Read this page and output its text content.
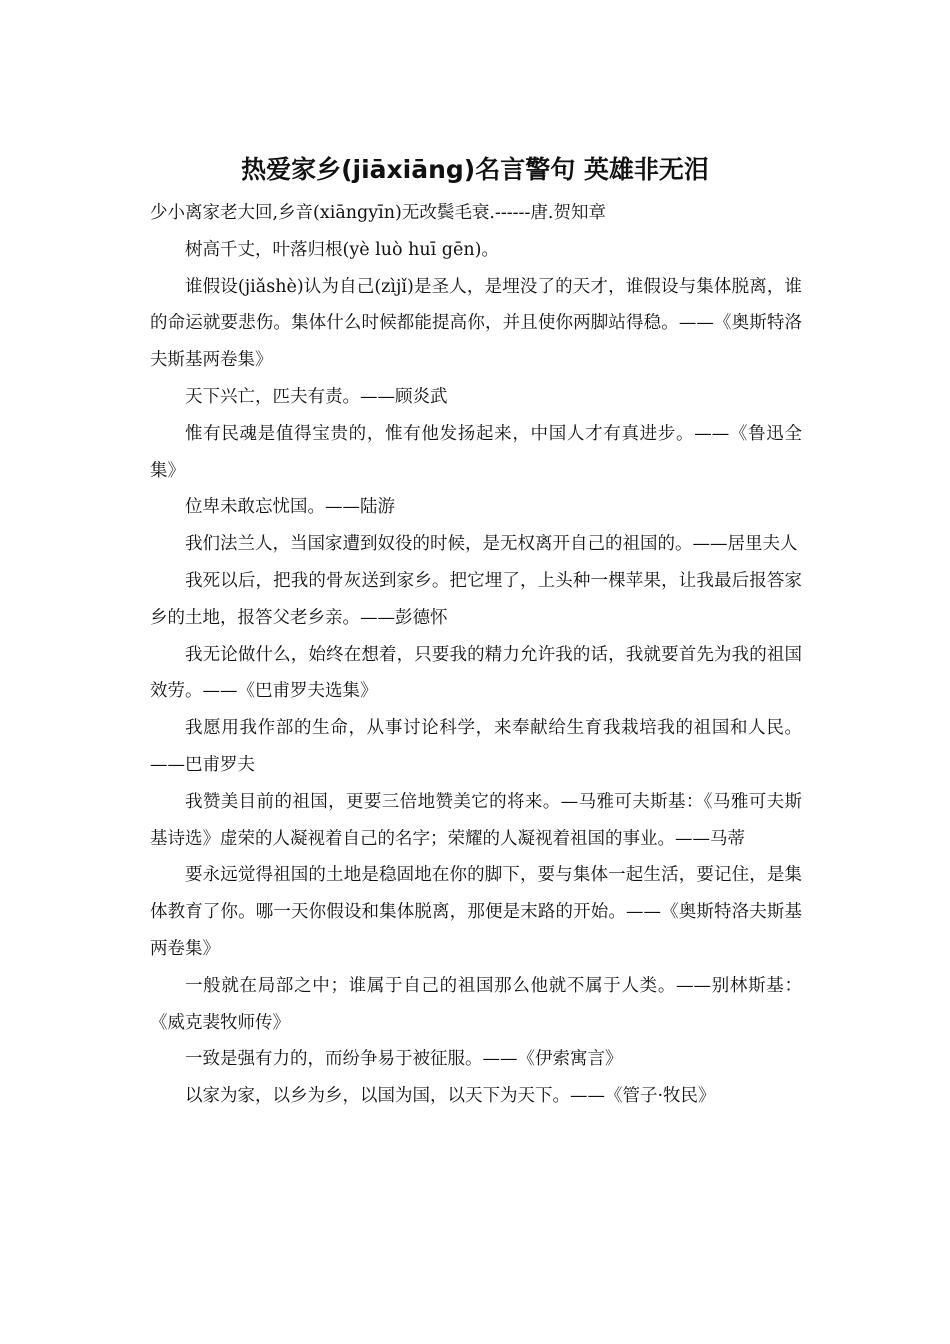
热爱家乡(jiāxiāng)名言警句 英雄非无泪

少小离家老大回,乡音(xiāngyīn)无改鬓毛衰.------唐.贺知章

树高千丈，叶落归根(yè luò huī gēn)。

谁假设(jiǎshè)认为自己(zìjǐ)是圣人，是埋没了的天才，谁假设与集体脱离，谁的命运就要悲伤。集体什么时候都能提高你，并且使你两脚站得稳。——《奥斯特洛夫斯基两卷集》

天下兴亡，匹夫有责。——顾炎武

惟有民魂是值得宝贵的，惟有他发扬起来，中国人才有真进步。——《鲁迅全集》

位卑未敢忘忧国。——陆游

我们法兰人，当国家遭到奴役的时候，是无权离开自己的祖国的。——居里夫人

我死以后，把我的骨灰送到家乡。把它埋了，上头种一棵苹果，让我最后报答家乡的土地，报答父老乡亲。——彭德怀

我无论做什么，始终在想着，只要我的精力允许我的话，我就要首先为我的祖国效劳。——《巴甫罗夫选集》

我愿用我作部的生命，从事讨论科学，来奉献给生育我栽培我的祖国和人民。——巴甫罗夫

我赞美目前的祖国，更要三倍地赞美它的将来。—马雅可夫斯基：《马雅可夫斯基诗选》虚荣的人凝视着自己的名字；荣耀的人凝视着祖国的事业。——马蒂

要永远觉得祖国的土地是稳固地在你的脚下，要与集体一起生活，要记住，是集体教育了你。哪一天你假设和集体脱离，那便是末路的开始。——《奥斯特洛夫斯基两卷集》

一般就在局部之中；谁属于自己的祖国那么他就不属于人类。——别林斯基：《威克裴牧师传》

一致是强有力的，而纷争易于被征服。——《伊索寓言》

以家为家，以乡为乡，以国为国，以天下为天下。——《管子·牧民》
